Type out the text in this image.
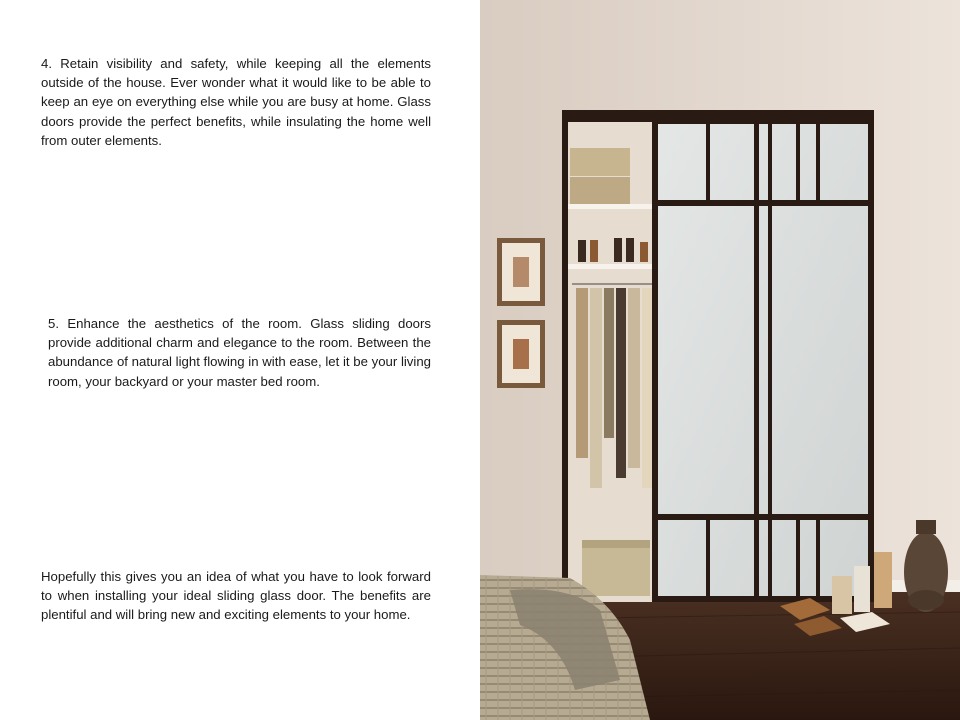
4. Retain visibility and safety, while keeping all the elements outside of the house. Ever wonder what it would like to be able to keep an eye on everything else while you are busy at home. Glass doors provide the perfect benefits, while insulating the home well from outer elements.

5. Enhance the aesthetics of the room. Glass sliding doors provide additional charm and elegance to the room. Between the abundance of natural light flowing in with ease, let it be your living room, your backyard or your master bed room.

Hopefully this gives you an idea of what you have to look forward to when installing your ideal sliding glass door. The benefits are plentiful and will bring new and exciting elements to your home.
